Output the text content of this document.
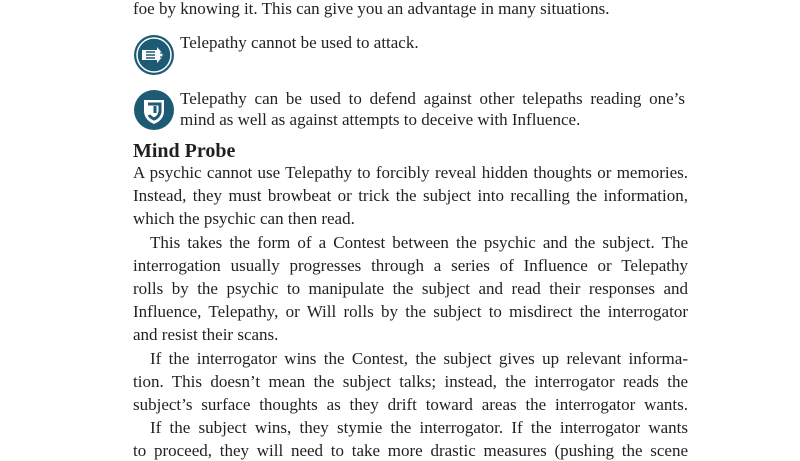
foe by knowing it. This can give you an advantage in many situations.
Telepathy cannot be used to attack.
Telepathy can be used to defend against other telepaths reading one’s
mind as well as against attempts to deceive with Influence.
Mind Probe
A psychic cannot use Telepathy to forcibly reveal hidden thoughts or memories.
Instead, they must browbeat or trick the subject into recalling the information,
which the psychic can then read.
This takes the form of a Contest between the psychic and the subject. The
interrogation usually progresses through a series of Influence or Telepathy
rolls by the psychic to manipulate the subject and read their responses and
Influence, Telepathy, or Will rolls by the subject to misdirect the interrogator
and resist their scans.
If the interrogator wins the Contest, the subject gives up relevant informa-
tion. This doesn’t mean the subject talks; instead, the interrogator reads the
subject’s surface thoughts as they drift toward areas the interrogator wants.
If the subject wins, they stymie the interrogator. If the interrogator wants
to proceed, they will need to take more drastic measures (pushing the scene
